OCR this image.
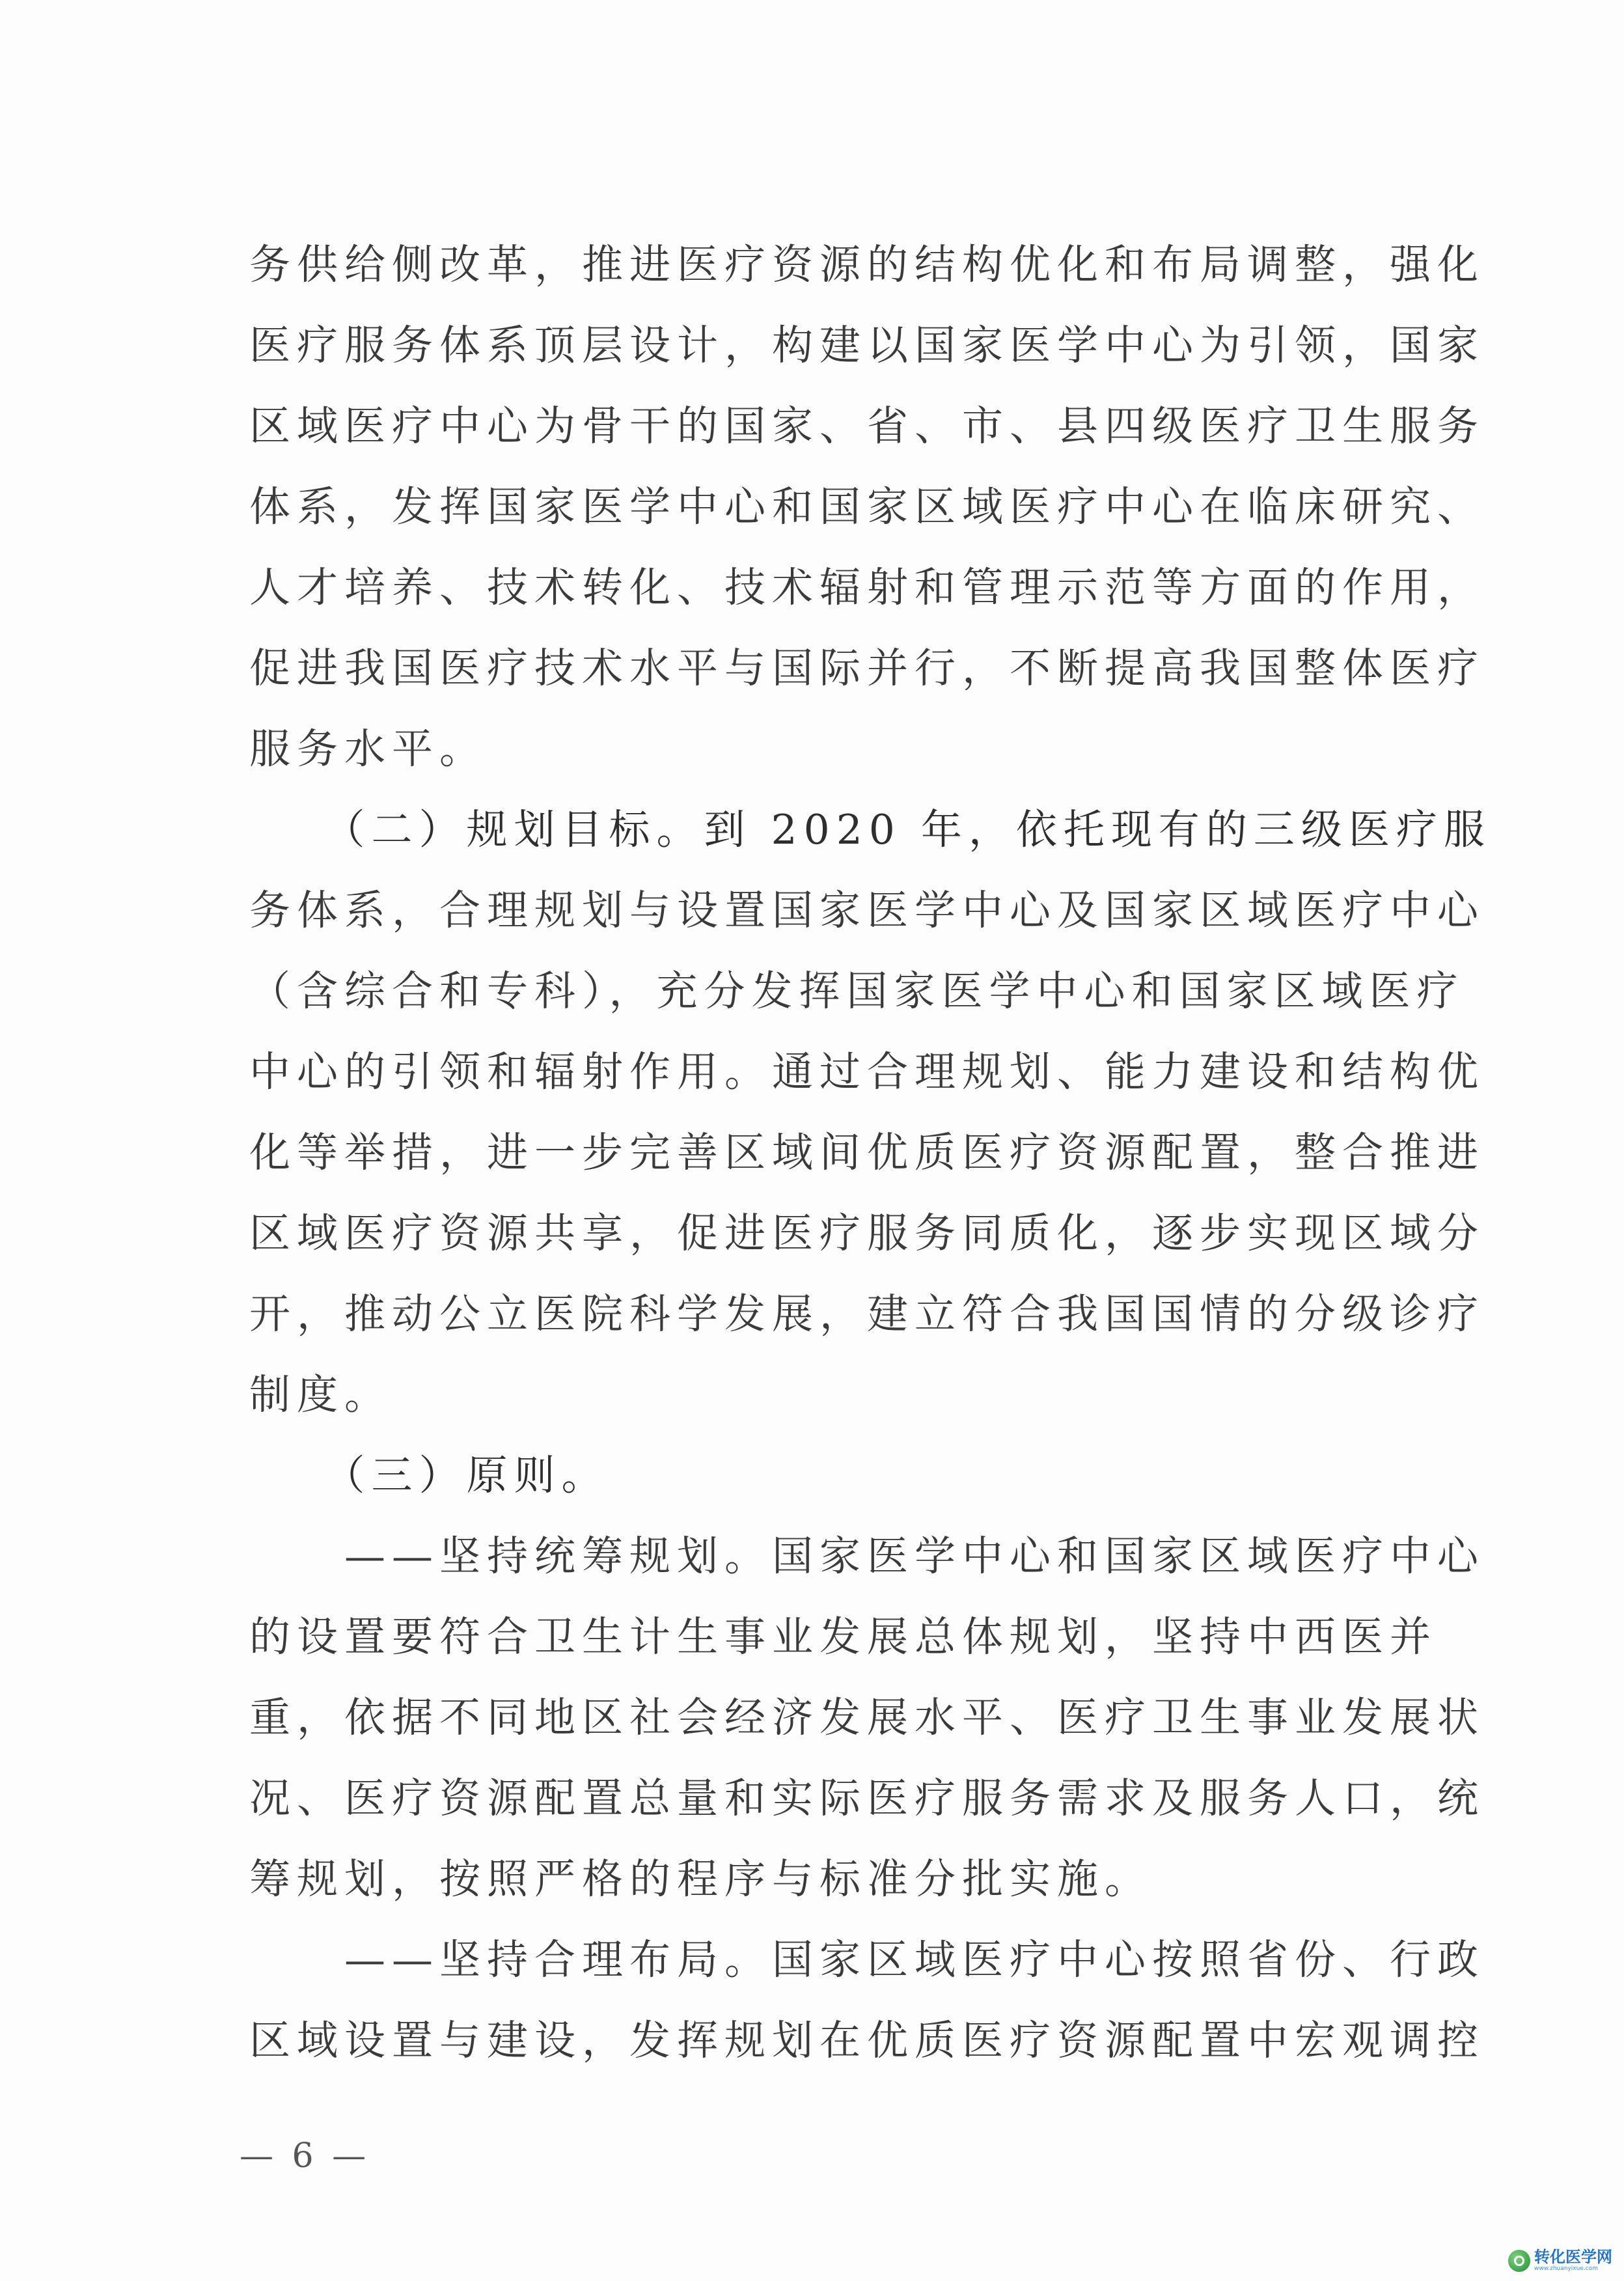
务供给侧改革，推进医疗资源的结构优化和布局调整，强化
医疗服务体系顶层设计，构建以国家医学中心为引领，国家
区域医疗中心为骨干的国家、省、市、县四级医疗卫生服务
体系，发挥国家医学中心和国家区域医疗中心在临床研究、
人才培养、技术转化、技术辐射和管理示范等方面的作用，
促进我国医疗技术水平与国际并行，不断提高我国整体医疗
服务水平。
　　（二）规划目标。到 2020 年，依托现有的三级医疗服
务体系，合理规划与设置国家医学中心及国家区域医疗中心
（含综合和专科），充分发挥国家医学中心和国家区域医疗
中心的引领和辐射作用。通过合理规划、能力建设和结构优
化等举措，进一步完善区域间优质医疗资源配置，整合推进
区域医疗资源共享，促进医疗服务同质化，逐步实现区域分
开，推动公立医院科学发展，建立符合我国国情的分级诊疗
制度。
　　（三）原则。
　　——坚持统筹规划。国家医学中心和国家区域医疗中心
的设置要符合卫生计生事业发展总体规划，坚持中西医并
重，依据不同地区社会经济发展水平、医疗卫生事业发展状
况、医疗资源配置总量和实际医疗服务需求及服务人口，统
筹规划，按照严格的程序与标准分批实施。
　　——坚持合理布局。国家区域医疗中心按照省份、行政
区域设置与建设，发挥规划在优质医疗资源配置中宏观调控
— 6 —
转化医学网
www.zhuanyixue.com
